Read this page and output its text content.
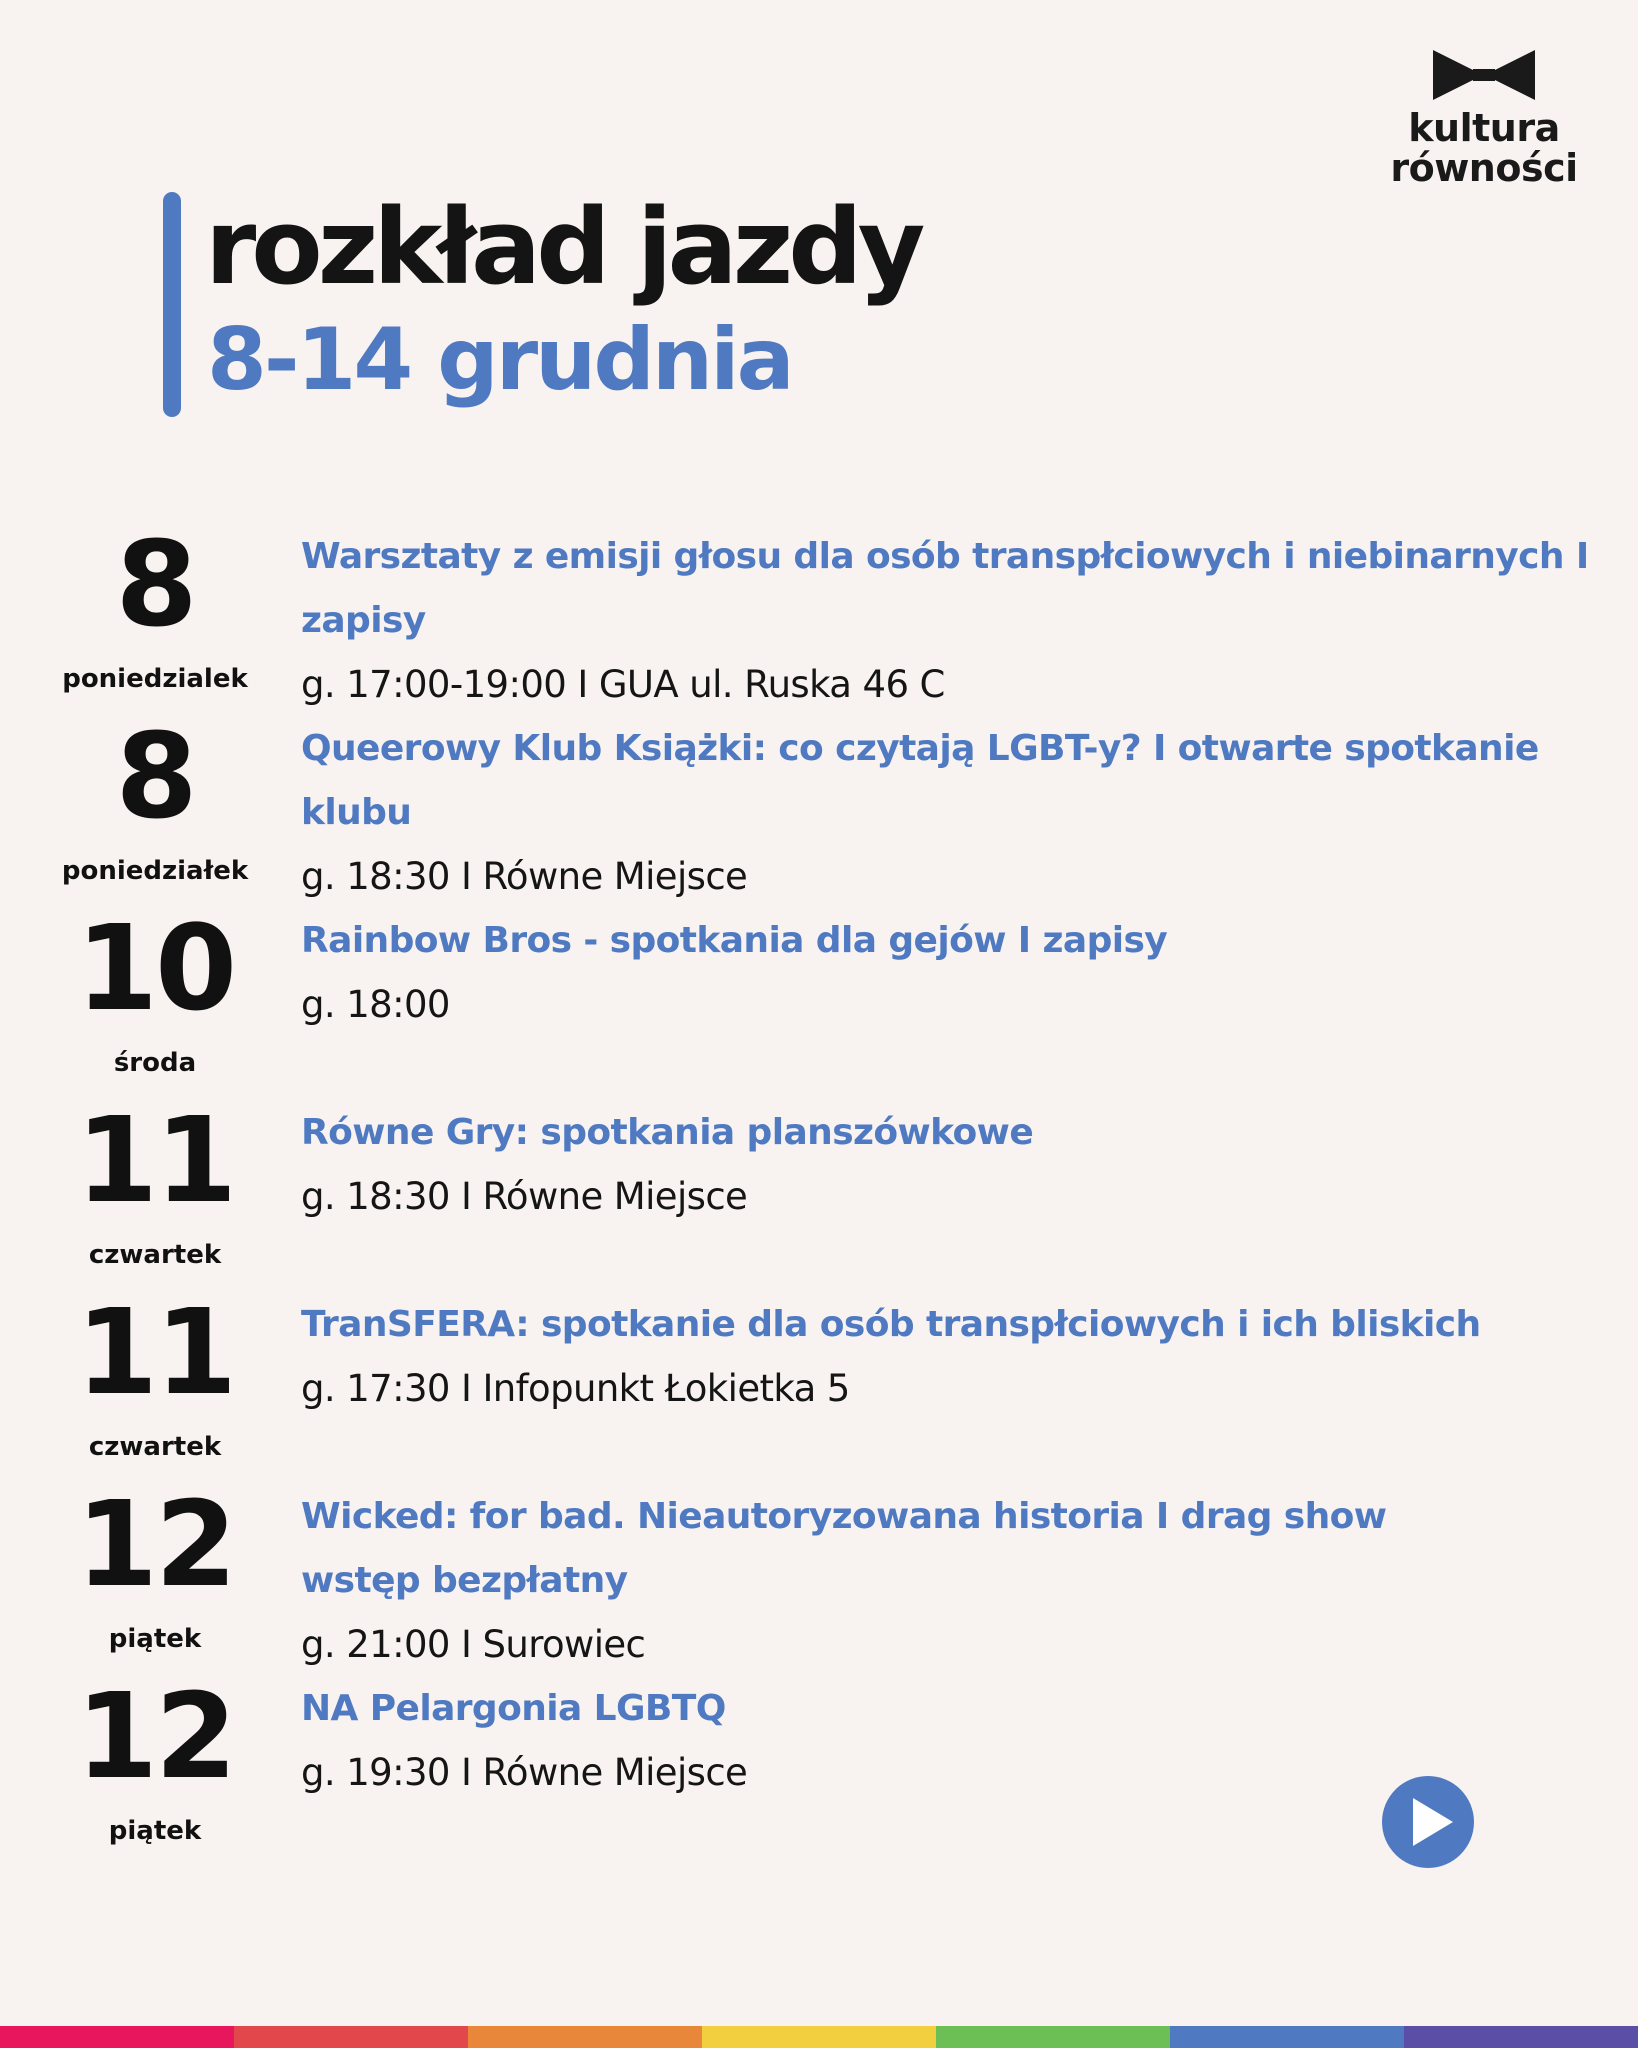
kultura
równości
rozkład jazdy
8-14 grudnia
8
poniedzialek
Warsztaty z emisji głosu dla osób transpłciowych i niebinarnych I zapisy
g. 17:00-19:00 I GUA ul. Ruska 46 C
8
poniedziałek
Queerowy Klub Książki: co czytają LGBT-y? I otwarte spotkanie klubu
g. 18:30 I Równe Miejsce
10
środa
Rainbow Bros - spotkania dla gejów I zapisy
g. 18:00
11
czwartek
Równe Gry: spotkania planszówkowe
g. 18:30 I Równe Miejsce
11
czwartek
TranSFERA: spotkanie dla osób transpłciowych i ich bliskich
g. 17:30 I Infopunkt Łokietka 5
12
piątek
Wicked: for bad. Nieautoryzowana historia I drag show wstęp bezpłatny
g. 21:00 I Surowiec
12
piątek
NA Pelargonia LGBTQ
g. 19:30 I Równe Miejsce
